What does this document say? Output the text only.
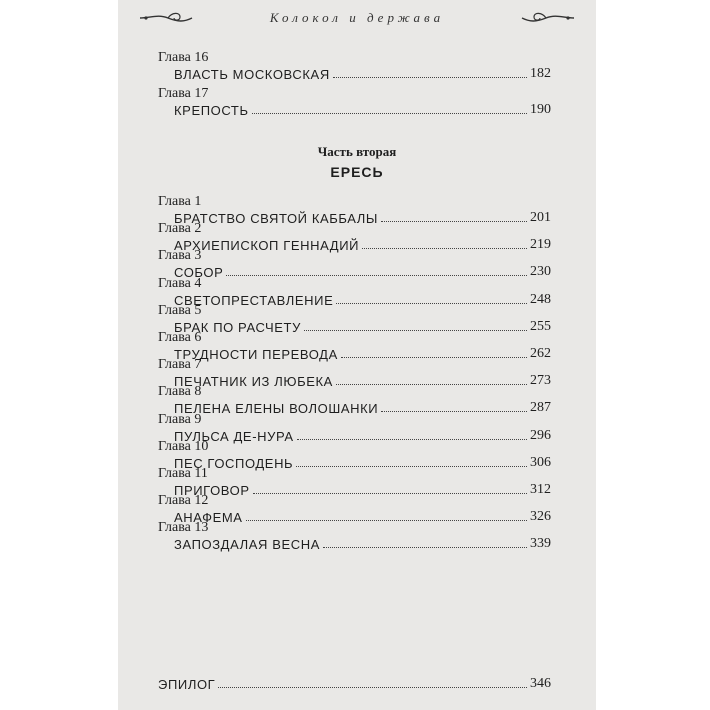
Колокол и держава
Часть вторая
ЕРЕСЬ
Глава 16
ВЛАСТЬ МОСКОВСКАЯ	182
Глава 17
КРЕПОСТЬ	190
Глава 1
БРАТСТВО СВЯТОЙ КАББАЛЫ	201
Глава 2
АРХИЕПИСКОП ГЕННАДИЙ	219
Глава 3
СОБОР	230
Глава 4
СВЕТОПРЕСТАВЛЕНИЕ	248
Глава 5
БРАК ПО РАСЧЕТУ	255
Глава 6
ТРУДНОСТИ ПЕРЕВОДА	262
Глава 7
ПЕЧАТНИК ИЗ ЛЮБЕКА	273
Глава 8
ПЕЛЕНА ЕЛЕНЫ ВОЛОШАНКИ	287
Глава 9
ПУЛЬСА ДЕ-НУРА	296
Глава 10
ПЕС ГОСПОДЕНЬ	306
Глава 11
ПРИГОВОР	312
Глава 12
АНАФЕМА	326
Глава 13
ЗАПОЗДАЛАЯ ВЕСНА	339
ЭПИЛОГ	346
